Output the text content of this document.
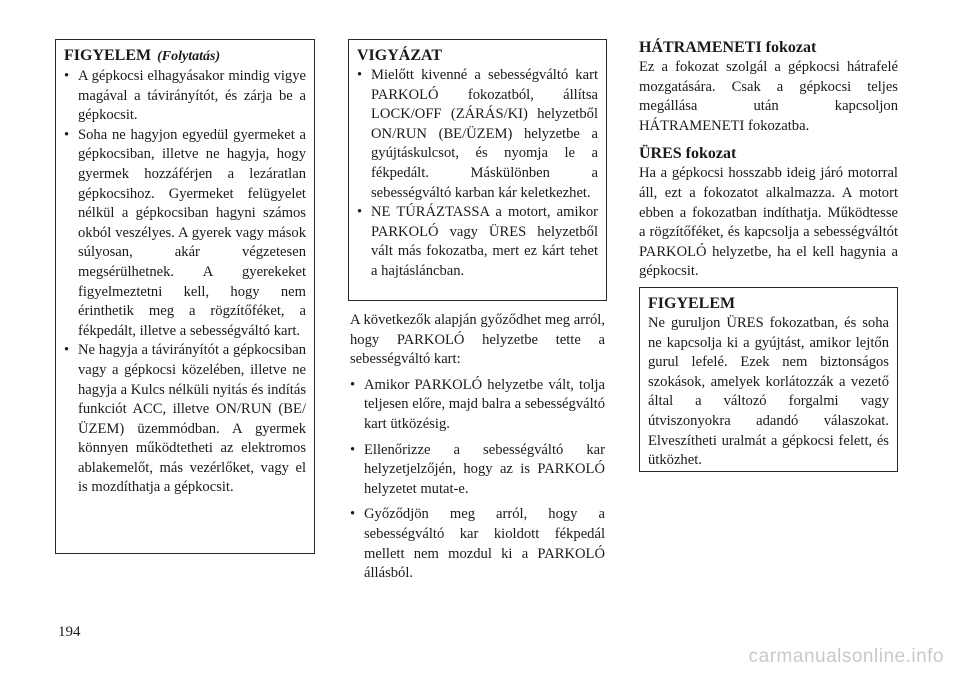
FIGYELEM (Folytatás)
• A gépkocsi elhagyásakor mindig vigye magával a távirányítót, és zárja be a gépkocsit.
• Soha ne hagyjon egyedül gyermeket a gépkocsiban, illetve ne hagyja, hogy gyermek hozzáférjen a lezáratlan gépkocsihoz. Gyermeket felügyelet nélkül a gépkocsiban hagyni számos okból veszélyes. A gyerek vagy mások súlyosan, akár végzetesen megsérülhetnek. A gyerekeket figyelmeztetni kell, hogy nem érinthetik meg a rögzítőféket, a fékpedált, illetve a sebességváltó kart.
• Ne hagyja a távirányítót a gépkocsiban vagy a gépkocsi közelében, illetve ne hagyja a Kulcs nélküli nyitás és indítás funkciót ACC, illetve ON/RUN (BE/ ÜZEM) üzemmódban. A gyermek könnyen működtetheti az elektromos ablakemelőt, más vezérlőket, vagy el is mozdíthatja a gépkocsit.
VIGYÁZAT
• Mielőtt kivenné a sebességváltó kart PARKOLÓ fokozatból, állítsa LOCK/OFF (ZÁRÁS/KI) helyzetből ON/RUN (BE/ÜZEM) helyzetbe a gyújtáskulcsot, és nyomja le a fékpedált. Máskülönben a sebességváltó karban kár keletkezhet.
• NE TÚRÁZTASSA a motort, amikor PARKOLÓ vagy ÜRES helyzetből vált más fokozatba, mert ez kárt tehet a hajtásláncban.

A következők alapján győződhet meg arról, hogy PARKOLÓ helyzetbe tette a sebességváltó kart:

• Amikor PARKOLÓ helyzetbe vált, tolja teljesen előre, majd balra a sebességváltó kart ütközésig.
• Ellenőrizze a sebességváltó kar helyzetjelzőjén, hogy az is PARKOLÓ helyzetet mutat-e.
• Győződjön meg arról, hogy a sebességváltó kar kioldott fékpedál mellett nem mozdul ki a PARKOLÓ állásból.
HÁTRAMENETI fokozat

Ez a fokozat szolgál a gépkocsi hátrafelé mozgatására. Csak a gépkocsi teljes megállása után kapcsoljon HÁTRAMENETI fokozatba.

ÜRES fokozat

Ha a gépkocsi hosszabb ideig járó motorral áll, ezt a fokozatot alkalmazza. A motort ebben a fokozatban indíthatja. Működtesse a rögzítőféket, és kapcsolja a sebességváltót PARKOLÓ helyzetbe, ha el kell hagynia a gépkocsit.

FIGYELEM

Ne guruljon ÜRES fokozatban, és soha ne kapcsolja ki a gyújtást, amikor lejtőn gurul lefelé. Ezek nem biztonságos szokások, amelyek korlátozzák a vezető által a változó forgalmi vagy útviszonyokra adandó válaszokat. Elveszítheti uralmát a gépkocsi felett, és ütközhet.

194
carmanualsonline.info
